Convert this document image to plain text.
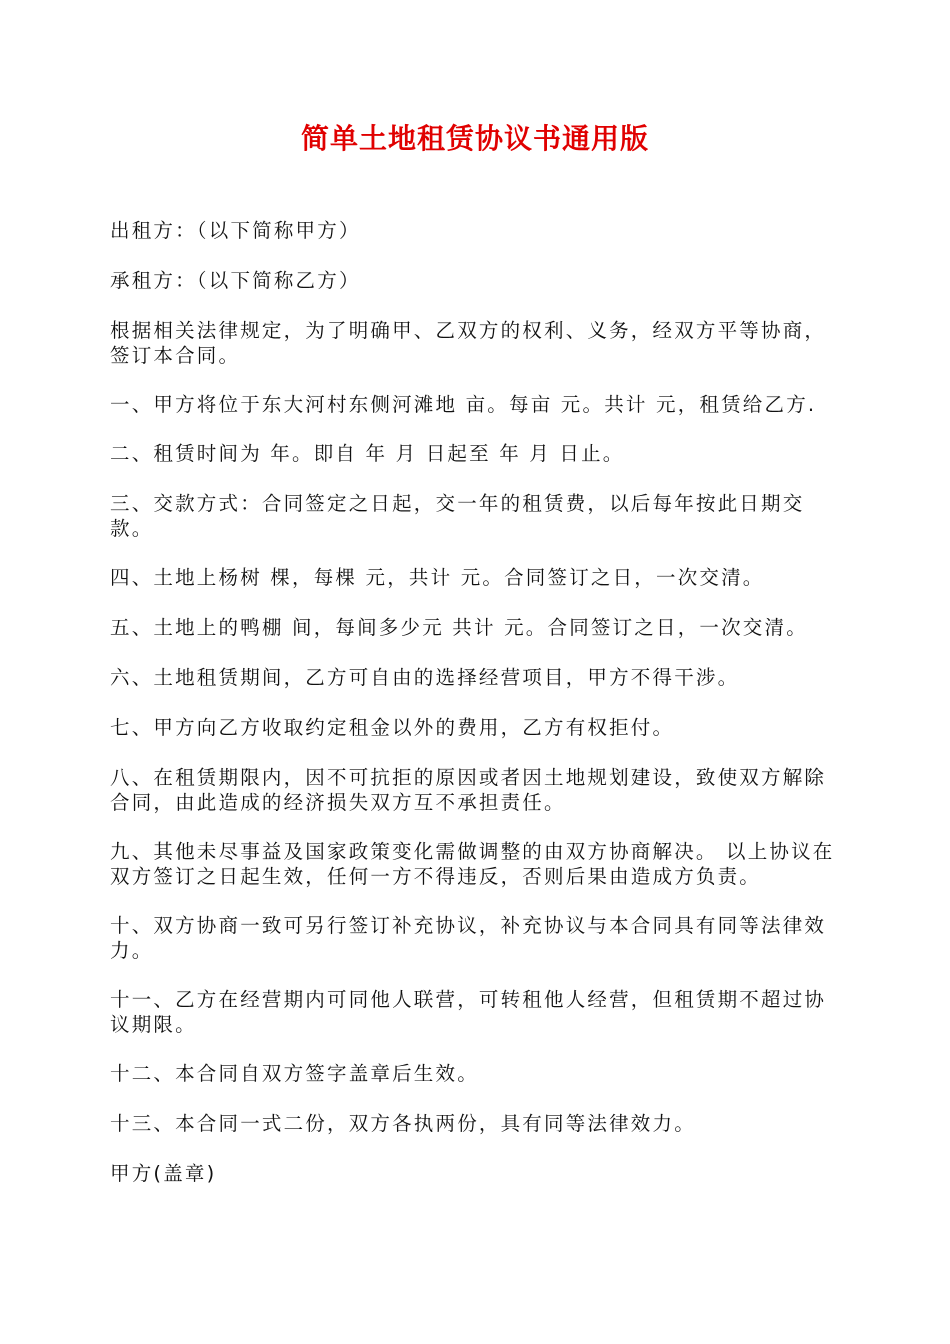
简单土地租赁协议书通用版

出租方：（以下简称甲方）

承租方：（以下简称乙方）

根据相关法律规定，为了明确甲、乙双方的权利、义务，经双方平等协商，签订本合同。

一、甲方将位于东大河村东侧河滩地 亩。每亩 元。共计 元，租赁给乙方.

二、租赁时间为 年。即自 年 月 日起至 年 月 日止。

三、交款方式：合同签定之日起，交一年的租赁费，以后每年按此日期交款。

四、土地上杨树 棵，每棵 元，共计 元。合同签订之日，一次交清。

五、土地上的鸭棚 间，每间多少元 共计 元。合同签订之日，一次交清。

六、土地租赁期间，乙方可自由的选择经营项目，甲方不得干涉。

七、甲方向乙方收取约定租金以外的费用，乙方有权拒付。

八、在租赁期限内，因不可抗拒的原因或者因土地规划建设，致使双方解除合同，由此造成的经济损失双方互不承担责任。

九、其他未尽事益及国家政策变化需做调整的由双方协商解决。 以上协议在双方签订之日起生效，任何一方不得违反，否则后果由造成方负责。

十、双方协商一致可另行签订补充协议，补充协议与本合同具有同等法律效力。

十一、乙方在经营期内可同他人联营，可转租他人经营，但租赁期不超过协议期限。

十二、本合同自双方签字盖章后生效。

十三、本合同一式二份，双方各执两份，具有同等法律效力。

甲方(盖章)
